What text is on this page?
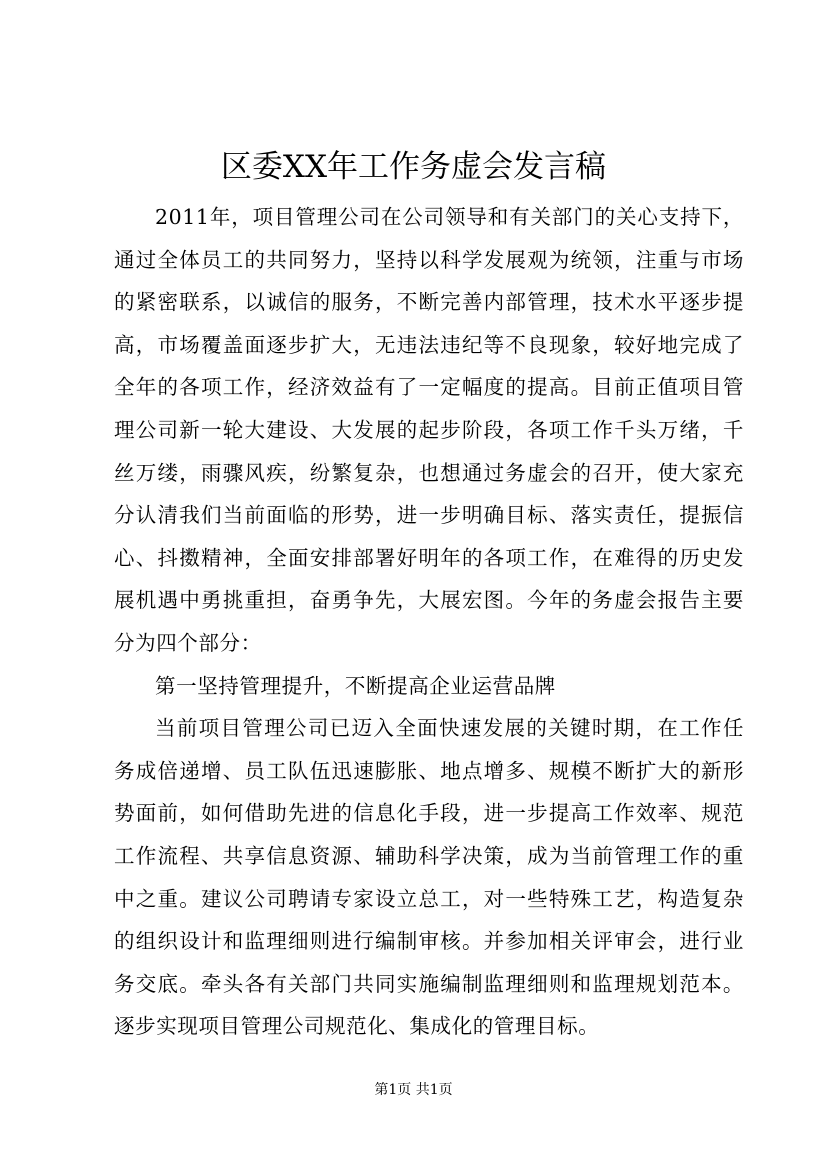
区委XX年工作务虚会发言稿

2011年，项目管理公司在公司领导和有关部门的关心支持下，通过全体员工的共同努力，坚持以科学发展观为统领，注重与市场的紧密联系，以诚信的服务，不断完善内部管理，技术水平逐步提高，市场覆盖面逐步扩大，无违法违纪等不良现象，较好地完成了全年的各项工作，经济效益有了一定幅度的提高。目前正值项目管理公司新一轮大建设、大发展的起步阶段，各项工作千头万绪，千丝万缕，雨骤风疾，纷繁复杂，也想通过务虚会的召开，使大家充分认清我们当前面临的形势，进一步明确目标、落实责任，提振信心、抖擞精神，全面安排部署好明年的各项工作，在难得的历史发展机遇中勇挑重担，奋勇争先，大展宏图。今年的务虚会报告主要分为四个部分：

第一坚持管理提升，不断提高企业运营品牌

当前项目管理公司已迈入全面快速发展的关键时期，在工作任务成倍递增、员工队伍迅速膨胀、地点增多、规模不断扩大的新形势面前，如何借助先进的信息化手段，进一步提高工作效率、规范工作流程、共享信息资源、辅助科学决策，成为当前管理工作的重中之重。建议公司聘请专家设立总工，对一些特殊工艺，构造复杂的组织设计和监理细则进行编制审核。并参加相关评审会，进行业务交底。牵头各有关部门共同实施编制监理细则和监理规划范本。逐步实现项目管理公司规范化、集成化的管理目标。

第1页 共1页
